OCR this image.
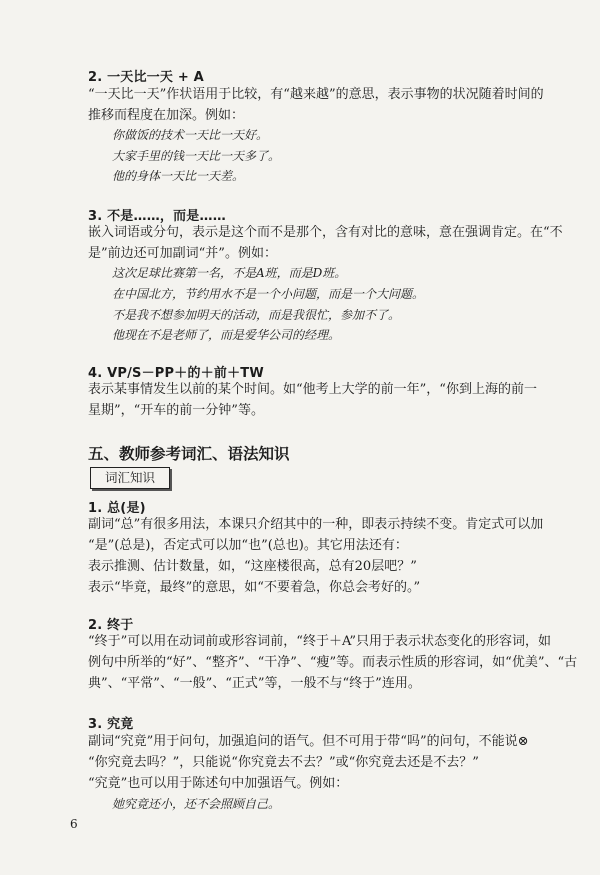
2. 一天比一天 + A
“一天比一天”作状语用于比较，有“越来越”的意思，表示事物的状况随着时间的
推移而程度在加深。例如：
你做饭的技术一天比一天好。
大家手里的钱一天比一天多了。
他的身体一天比一天差。
3. 不是……，而是……
嵌入词语或分句，表示是这个而不是那个，含有对比的意味，意在强调肯定。在“不
是”前边还可加副词“并”。例如：
这次足球比赛第一名，不是A班，而是D班。
在中国北方，节约用水不是一个小问题，而是一个大问题。
不是我不想参加明天的活动，而是我很忙，参加不了。
他现在不是老师了，而是爱华公司的经理。
4. VP/S－PP＋的＋前＋TW
表示某事情发生以前的某个时间。如“他考上大学的前一年”，“你到上海的前一
星期”，“开车的前一分钟”等。
五、教师参考词汇、语法知识
词汇知识
1. 总(是)
副词“总”有很多用法，本课只介绍其中的一种，即表示持续不变。肯定式可以加
“是”(总是)，否定式可以加“也”(总也)。其它用法还有：
表示推测、估计数量，如，“这座楼很高，总有20层吧？”
表示“毕竟，最终”的意思，如“不要着急，你总会考好的。”
2. 终于
“终于”可以用在动词前或形容词前，“终于＋A”只用于表示状态变化的形容词，如
例句中所举的“好”、“整齐”、“干净”、“瘦”等。而表示性质的形容词，如“优美”、“古
典”、“平常”、“一般”、“正式”等，一般不与“终于”连用。
3. 究竟
副词“究竟”用于问句，加强追问的语气。但不可用于带“吗”的问句，不能说⊗
“你究竟去吗？”，只能说“你究竟去不去？”或“你究竟去还是不去？”
“究竟”也可以用于陈述句中加强语气。例如：
她究竟还小，还不会照顾自己。
6
